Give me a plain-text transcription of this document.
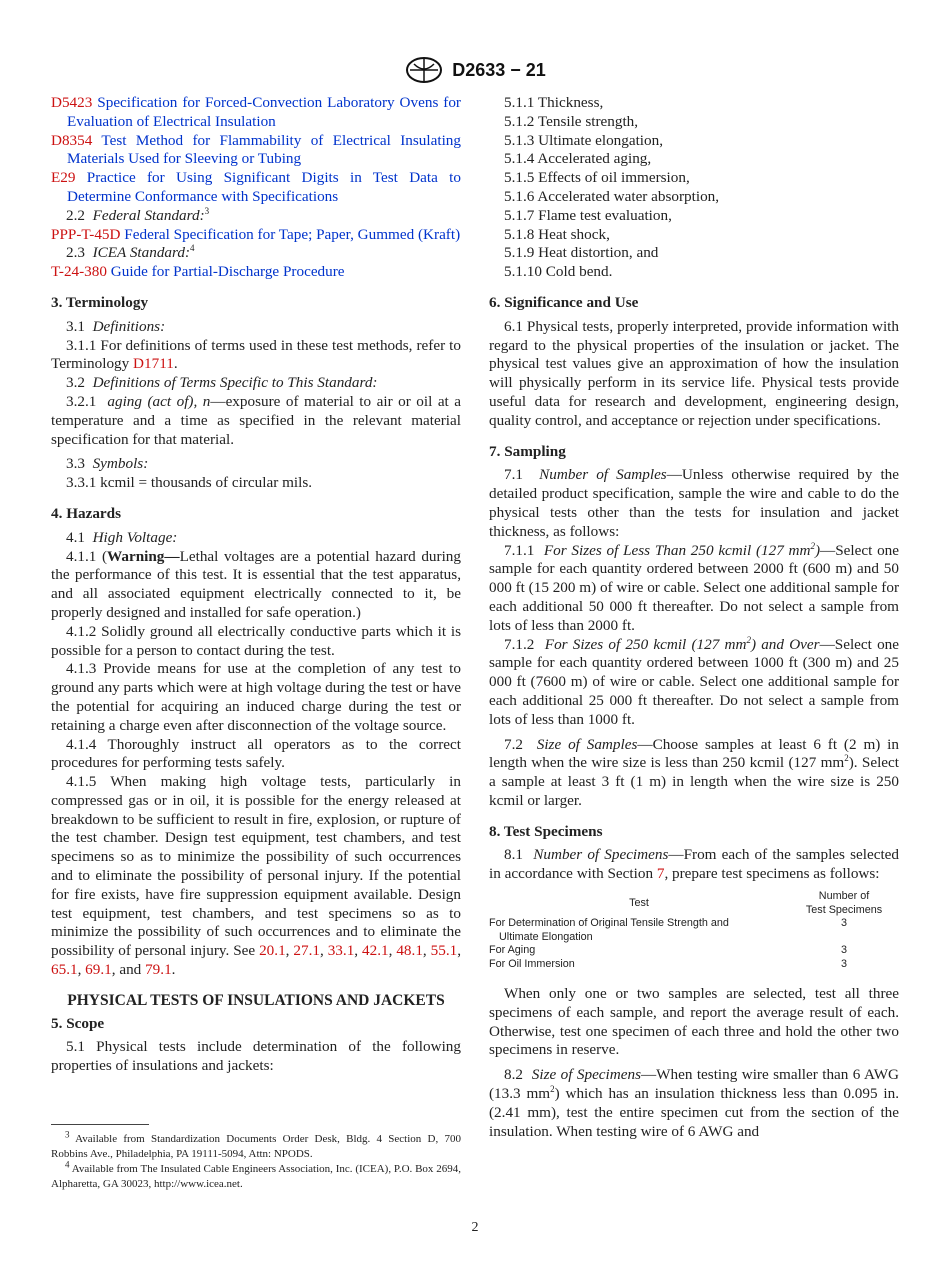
D2633 − 21

D5423 Specification for Forced-Convection Laboratory Ovens for Evaluation of Electrical Insulation

D8354 Test Method for Flammability of Electrical Insulating Materials Used for Sleeving or Tubing

E29 Practice for Using Significant Digits in Test Data to Determine Conformance with Specifications

2.2 Federal Standard:$^3$

PPP-T-45D Federal Specification for Tape; Paper, Gummed (Kraft)

2.3 ICEA Standard:$^4$

T-24-380 Guide for Partial-Discharge Procedure

3. Terminology

3.1 Definitions:

3.1.1 For definitions of terms used in these test methods, refer to Terminology D1711.

3.2 Definitions of Terms Specific to This Standard:

3.2.1 aging (act of), n—exposure of material to air or oil at a temperature and a time as specified in the relevant material specification for that material.

3.3 Symbols:

3.3.1 kcmil = thousands of circular mils.

4. Hazards

4.1 High Voltage:

4.1.1 (Warning—Lethal voltages are a potential hazard during the performance of this test. It is essential that the test apparatus, and all associated equipment electrically connected to it, be properly designed and installed for safe operation.)

4.1.2 Solidly ground all electrically conductive parts which it is possible for a person to contact during the test.

4.1.3 Provide means for use at the completion of any test to ground any parts which were at high voltage during the test or have the potential for acquiring an induced charge during the test or retaining a charge even after disconnection of the voltage source.

4.1.4 Thoroughly instruct all operators as to the correct procedures for performing tests safely.

4.1.5 When making high voltage tests, particularly in compressed gas or in oil, it is possible for the energy released at breakdown to be sufficient to result in fire, explosion, or rupture of the test chamber. Design test equipment, test chambers, and test specimens so as to minimize the possibility of such occurrences and to eliminate the possibility of personal injury. If the potential for fire exists, have fire suppression equipment available. Design test equipment, test chambers, and test specimens so as to minimize the possibility of such occurrences and to eliminate the possibility of personal injury. See 20.1, 27.1, 33.1, 42.1, 48.1, 55.1, 65.1, 69.1, and 79.1.

PHYSICAL TESTS OF INSULATIONS AND JACKETS

5. Scope

5.1 Physical tests include determination of the following properties of insulations and jackets:

$^3$ Available from Standardization Documents Order Desk, Bldg. 4 Section D, 700 Robbins Ave., Philadelphia, PA 19111-5094, Attn: NPODS.

$^4$ Available from The Insulated Cable Engineers Association, Inc. (ICEA), P.O. Box 2694, Alpharetta, GA 30023, http://www.icea.net.

5.1.1 Thickness,

5.1.2 Tensile strength,

5.1.3 Ultimate elongation,

5.1.4 Accelerated aging,

5.1.5 Effects of oil immersion,

5.1.6 Accelerated water absorption,

5.1.7 Flame test evaluation,

5.1.8 Heat shock,

5.1.9 Heat distortion, and

5.1.10 Cold bend.

6. Significance and Use

6.1 Physical tests, properly interpreted, provide information with regard to the physical properties of the insulation or jacket. The physical test values give an approximation of how the insulation will physically perform in its service life. Physical tests provide useful data for research and development, engineering design, quality control, and acceptance or rejection under specifications.

7. Sampling

7.1 Number of Samples—Unless otherwise required by the detailed product specification, sample the wire and cable to do the physical tests other than the tests for insulation and jacket thickness, as follows:

7.1.1 For Sizes of Less Than 250 kcmil (127 $mm^2)—Select$ one sample for each quantity ordered between 2000 ft (600 m) and 50 000 ft (15 200 m) of wire or cable. Select one additional sample for each additional 50 000 ft thereafter. Do not select a sample from lots of less than 2000 ft.

7.1.2 For Sizes of 250 kcmil (127 $mm^2$) and Over—Select one sample for each quantity ordered between 1000 ft (300 m) and 25 000 ft (7600 m) of wire or cable. Select one additional sample for each additional 25 000 ft thereafter. Do not select a sample from lots of less than 1000 ft.

7.2 Size of Samples—Choose samples at least 6 ft (2 m) in length when the wire size is less than 250 kcmil (127 $mm^2$). Select a sample at least 3 ft (1 m) in length when the wire size is 250 kcmil or larger.

8. Test Specimens

8.1 Number of Specimens—From each of the samples selected in accordance with Section 7, prepare test specimens as follows:

Test	Number of
Test Specimens
For Determination of Original Tensile Strength and
Ultimate Elongation	3
For Aging	3
For Oil Immersion	3

When only one or two samples are selected, test all three specimens of each sample, and report the average result of each. Otherwise, test one specimen of each three and hold the other two specimens in reserve.

8.2 Size of Specimens—When testing wire smaller than 6 AWG (13.3 $mm^2$) which has an insulation thickness less than 0.095 in. (2.41 mm), test the entire specimen cut from the section of the insulation. When testing wire of 6 AWG and

2
